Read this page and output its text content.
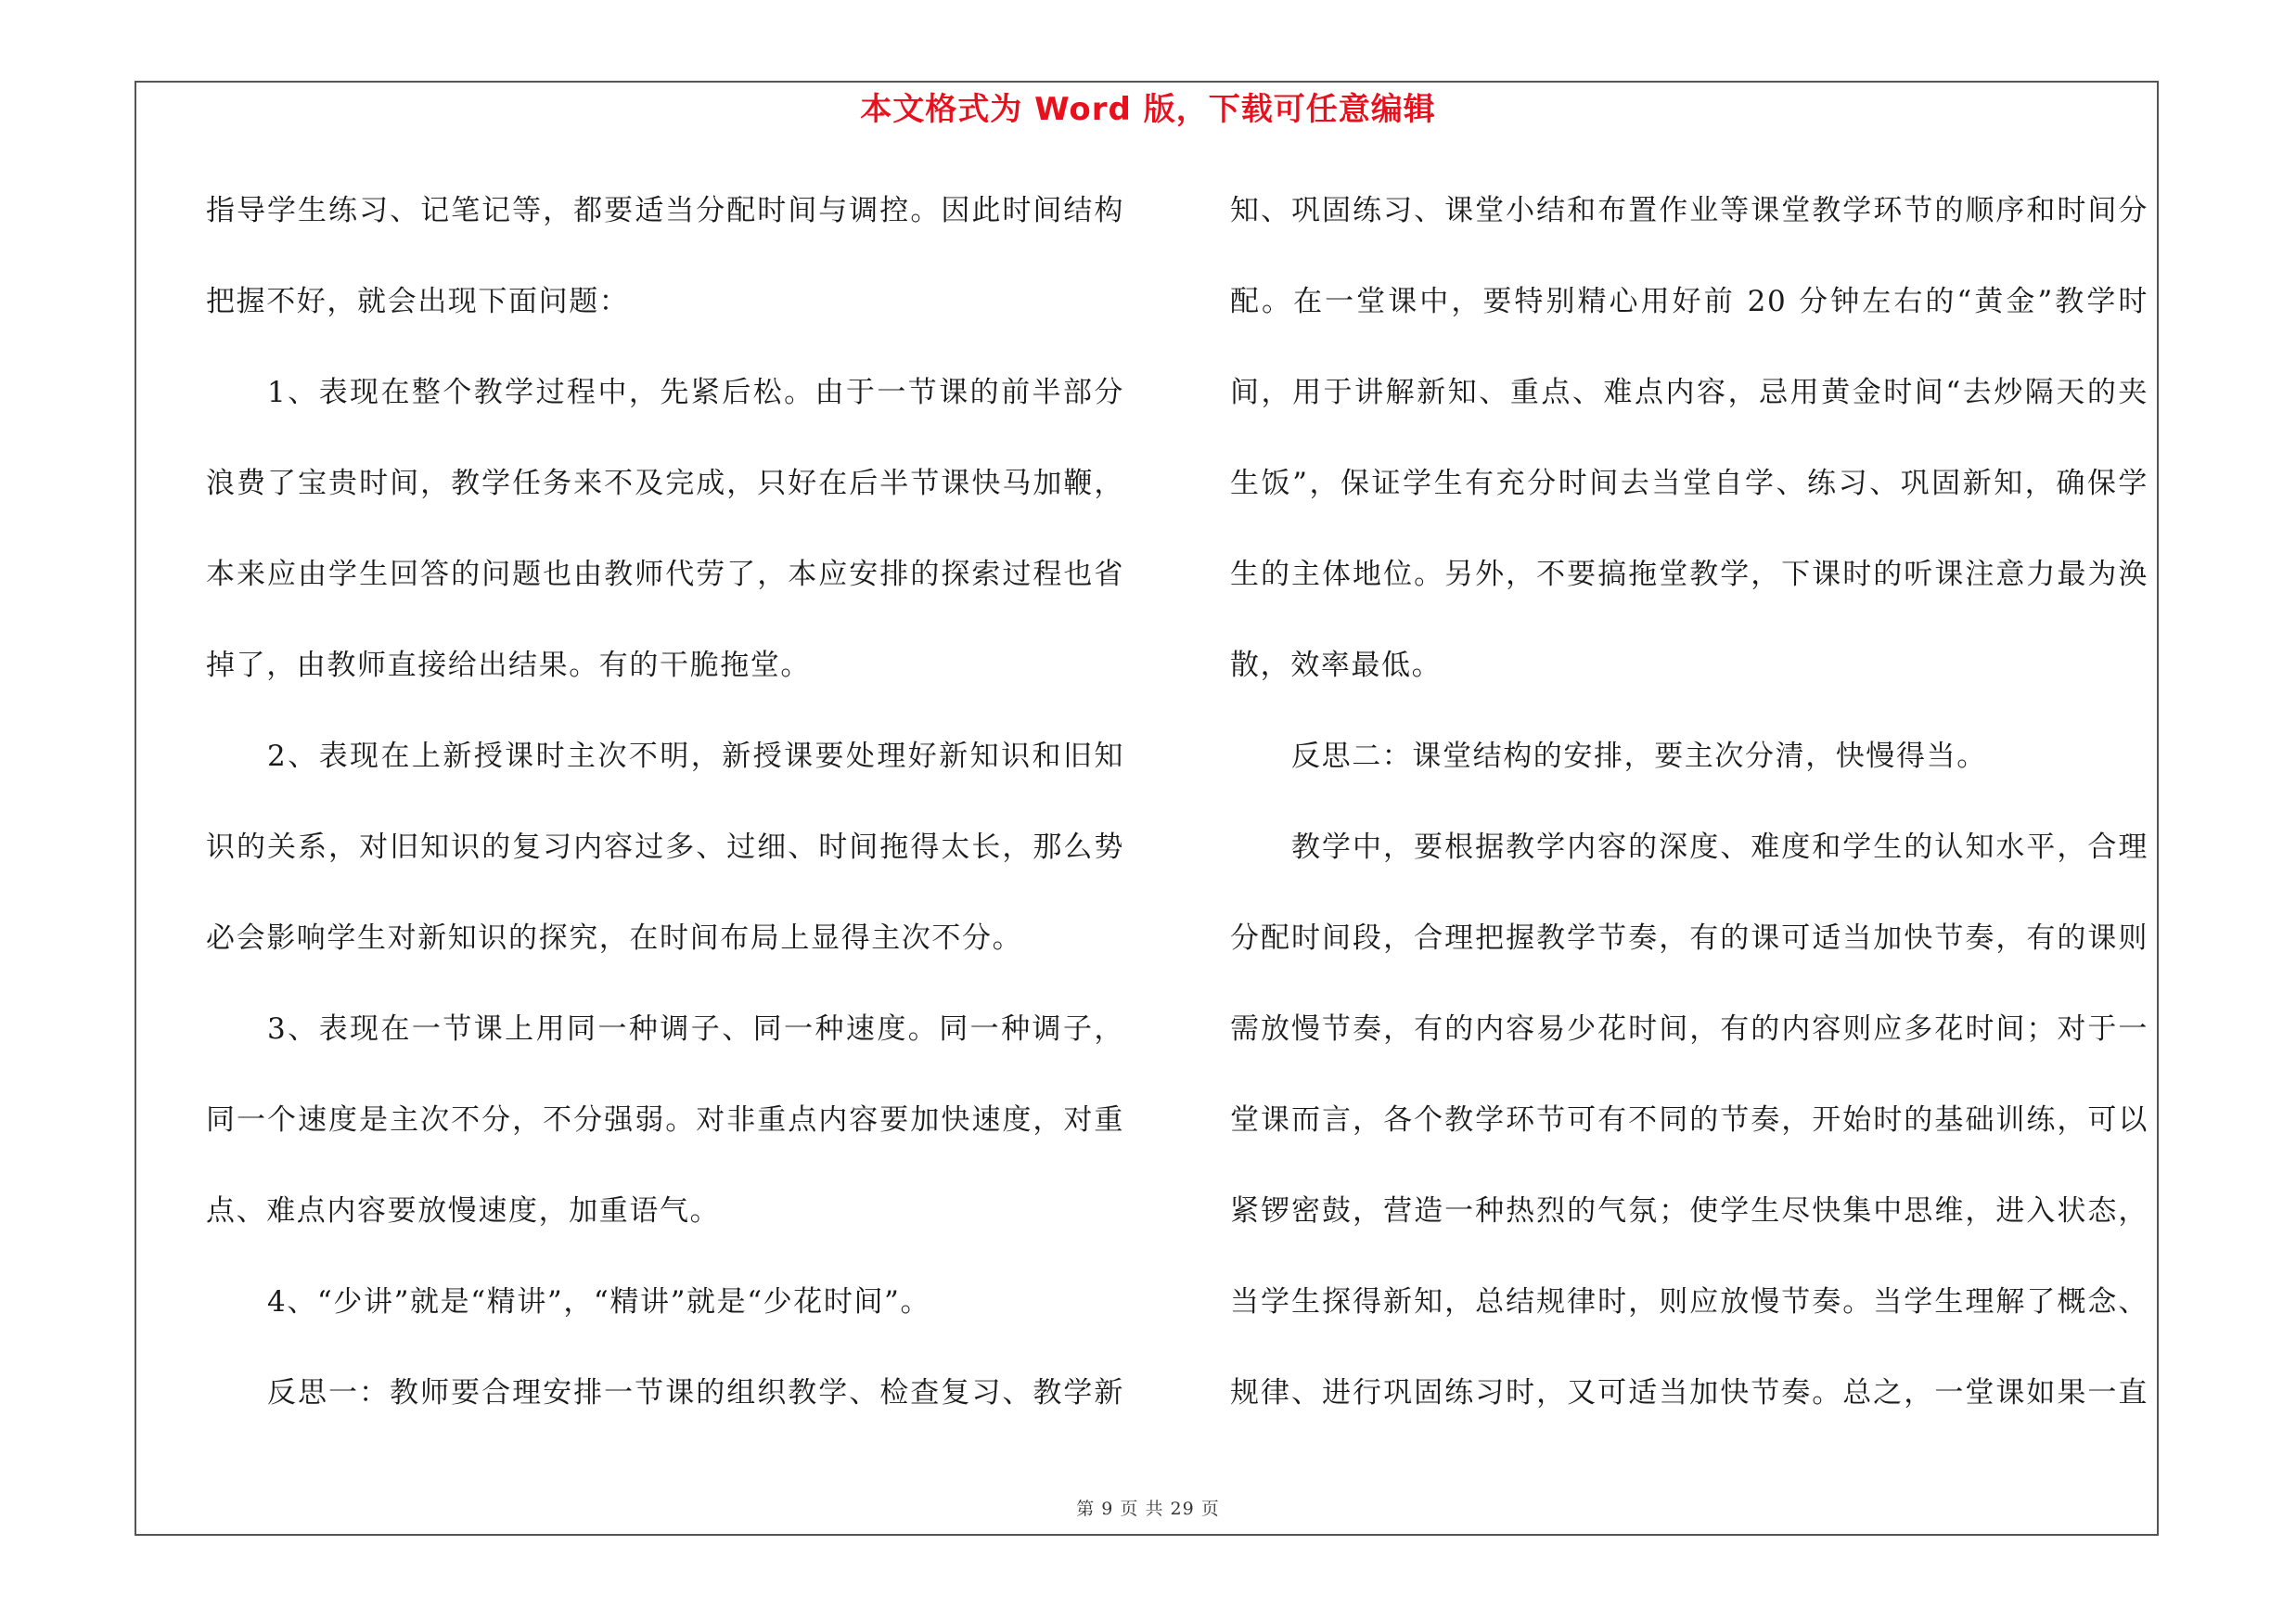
本文格式为 Word 版，下载可任意编辑
指导学生练习、记笔记等，都要适当分配时间与调控。因此时间结构
把握不好，就会出现下面问题：
1、表现在整个教学过程中，先紧后松。由于一节课的前半部分
浪费了宝贵时间，教学任务来不及完成，只好在后半节课快马加鞭，
本来应由学生回答的问题也由教师代劳了，本应安排的探索过程也省
掉了，由教师直接给出结果。有的干脆拖堂。
2、表现在上新授课时主次不明，新授课要处理好新知识和旧知
识的关系，对旧知识的复习内容过多、过细、时间拖得太长，那么势
必会影响学生对新知识的探究，在时间布局上显得主次不分。
3、表现在一节课上用同一种调子、同一种速度。同一种调子，
同一个速度是主次不分，不分强弱。对非重点内容要加快速度，对重
点、难点内容要放慢速度，加重语气。
4、“少讲”就是“精讲”，“精讲”就是“少花时间”。
反思一：教师要合理安排一节课的组织教学、检查复习、教学新
知、巩固练习、课堂小结和布置作业等课堂教学环节的顺序和时间分
配。在一堂课中，要特别精心用好前 20 分钟左右的“黄金”教学时
间，用于讲解新知、重点、难点内容，忌用黄金时间“去炒隔天的夹
生饭”，保证学生有充分时间去当堂自学、练习、巩固新知，确保学
生的主体地位。另外，不要搞拖堂教学，下课时的听课注意力最为涣
散，效率最低。
反思二：课堂结构的安排，要主次分清，快慢得当。
教学中，要根据教学内容的深度、难度和学生的认知水平，合理
分配时间段，合理把握教学节奏，有的课可适当加快节奏，有的课则
需放慢节奏，有的内容易少花时间，有的内容则应多花时间；对于一
堂课而言，各个教学环节可有不同的节奏，开始时的基础训练，可以
紧锣密鼓，营造一种热烈的气氛；使学生尽快集中思维，进入状态，
当学生探得新知，总结规律时，则应放慢节奏。当学生理解了概念、
规律、进行巩固练习时，又可适当加快节奏。总之，一堂课如果一直
第 9 页 共 29 页
